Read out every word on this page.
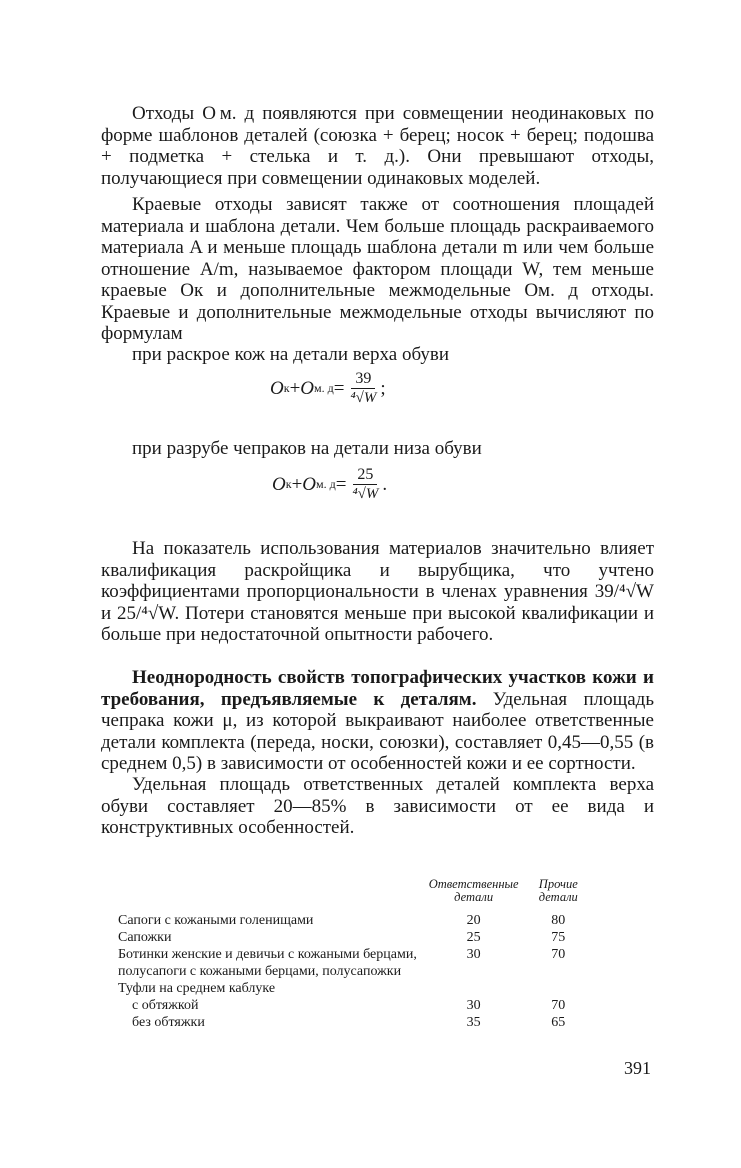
Отходы О м. д появляются при совмещении неодинаковых по форме шаблонов деталей (союзка + берец; носок + берец; подошва + подметка + стелька и т. д.). Они превышают отходы, получающиеся при совмещении одинаковых моделей.

Краевые отходы зависят также от соотношения площадей материала и шаблона детали. Чем больше площадь раскраиваемого материала A и меньше площадь шаблона детали m или чем больше отношение A/m, называемое фактором площади W, тем меньше краевые Ок и дополнительные межмодельные Ом. д отходы. Краевые и дополнительные межмодельные отходы вычисляют по формулам

при раскрое кож на детали верха обуви
О к + О м. $д = \frac{39}{\text{⁴√W}}$ ;
при разрубе чепраков на детали низа обуви
О к + О м. $д = \frac{25}{\text{⁴√W}}$ .

На показатель использования материалов значительно влияет квалификация раскройщика и вырубщика, что учтено коэффициентами пропорциональности в членах уравнения 39/⁴√W и 25/⁴√W. Потери становятся меньше при высокой квалификации и больше при недостаточной опытности рабочего.

Неоднородность свойств топографических участков кожи и требования, предъявляемые к деталям. Удельная площадь чепрака кожи μ, из которой выкраивают наиболее ответственные детали комплекта (переда, носки, союзки), составляет 0,45—0,55 (в среднем 0,5) в зависимости от особенностей кожи и ее сортности.

Удельная площадь ответственных деталей комплекта верха обуви составляет 20—85% в зависимости от ее вида и конструктивных особенностей.

	Ответственные детали	Прочие детали
Сапоги с кожаными голенищами	20	80
Сапожки	25	75
Ботинки женские и девичьи с кожаными берцами, полусапоги с кожаными берцами, полусапожки	30	70
Туфли на среднем каблуке		
с обтяжкой	30	70
без обтяжки	35	65
391
